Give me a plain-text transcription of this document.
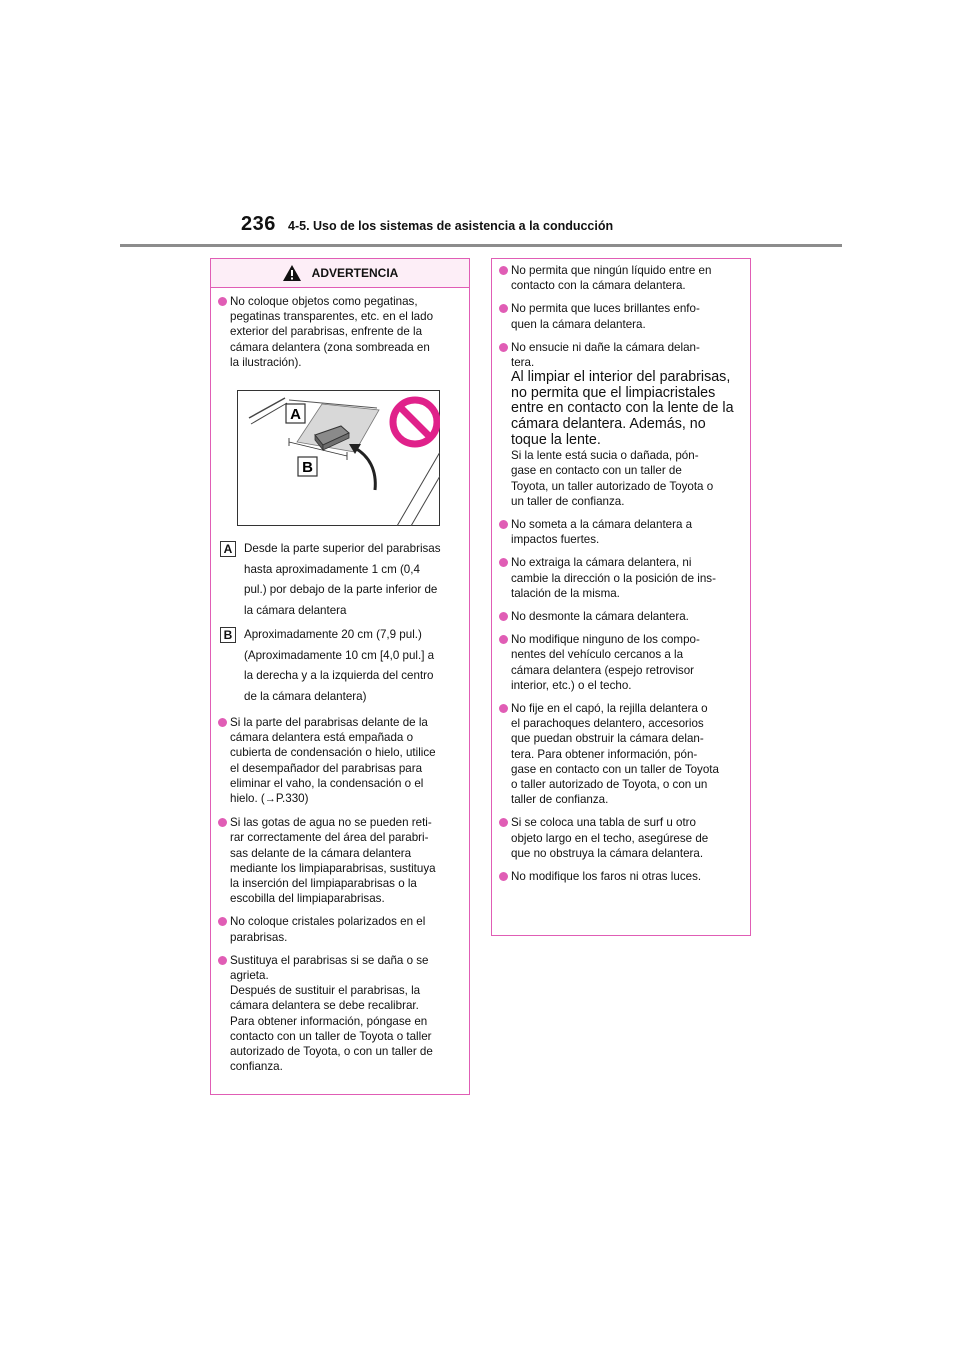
236 4-5. Uso de los sistemas de asistencia a la conducción
ADVERTENCIA
No coloque objetos como pegatinas,
pegatinas transparentes, etc. en el lado
exterior del parabrisas, enfrente de la
cámara delantera (zona sombreada en
la ilustración).
A
B
A	Desde la parte superior del parabrisas
hasta aproximadamente 1 cm (0,4
pul.) por debajo de la parte inferior de
la cámara delantera
B	Aproximadamente 20 cm (7,9 pul.)
(Aproximadamente 10 cm [4,0 pul.] a
la derecha y a la izquierda del centro
de la cámara delantera)
Si la parte del parabrisas delante de la
cámara delantera está empañada o
cubierta de condensación o hielo, utilice
el desempañador del parabrisas para
eliminar el vaho, la condensación o el
hielo. (→P.330)
Si las gotas de agua no se pueden reti-
rar correctamente del área del parabri-
sas delante de la cámara delantera
mediante los limpiaparabrisas, sustituya
la inserción del limpiaparabrisas o la
escobilla del limpiaparabrisas.
No coloque cristales polarizados en el
parabrisas.
Sustituya el parabrisas si se daña o se
agrieta.
Después de sustituir el parabrisas, la
cámara delantera se debe recalibrar.
Para obtener información, póngase en
contacto con un taller de Toyota o taller
autorizado de Toyota, o con un taller de
confianza.
No permita que ningún líquido entre en
contacto con la cámara delantera.
No permita que luces brillantes enfo-
quen la cámara delantera.
No ensucie ni dañe la cámara delan-
tera.
Al limpiar el interior del parabrisas,
no permita que el limpiacristales
entre en contacto con la lente de la
cámara delantera. Además, no
toque la lente.
Si la lente está sucia o dañada, pón-
gase en contacto con un taller de
Toyota, un taller autorizado de Toyota o
un taller de confianza.
No someta a la cámara delantera a
impactos fuertes.
No extraiga la cámara delantera, ni
cambie la dirección o la posición de ins-
talación de la misma.
No desmonte la cámara delantera.
No modifique ninguno de los compo-
nentes del vehículo cercanos a la
cámara delantera (espejo retrovisor
interior, etc.) o el techo.
No fije en el capó, la rejilla delantera o
el parachoques delantero, accesorios
que puedan obstruir la cámara delan-
tera. Para obtener información, pón-
gase en contacto con un taller de Toyota
o taller autorizado de Toyota, o con un
taller de confianza.
Si se coloca una tabla de surf u otro
objeto largo en el techo, asegúrese de
que no obstruya la cámara delantera.
No modifique los faros ni otras luces.
